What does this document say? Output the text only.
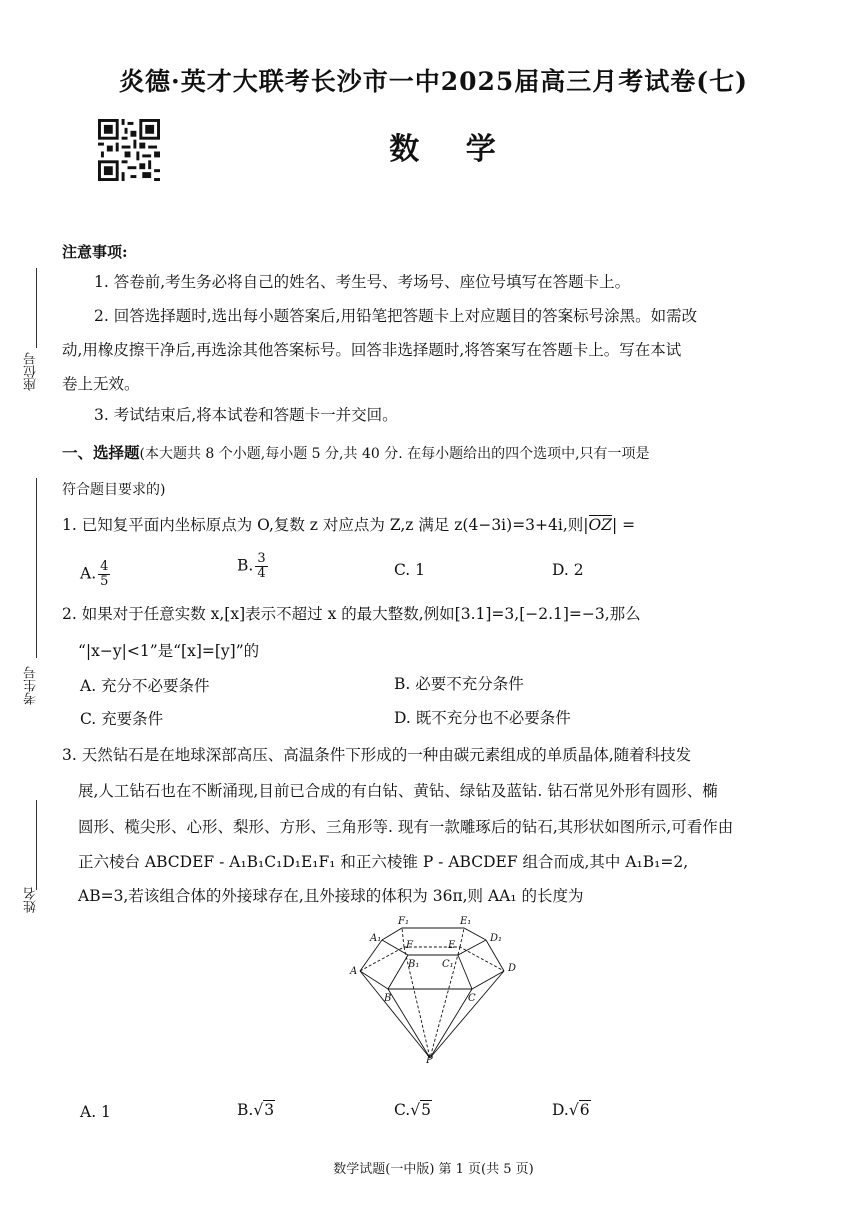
炎德·英才大联考长沙市一中2025届高三月考试卷(七)
数 学
座位号
考生号
姓名
注意事项:
1. 答卷前,考生务必将自己的姓名、考生号、考场号、座位号填写在答题卡上。
2. 回答选择题时,选出每小题答案后,用铅笔把答题卡上对应题目的答案标号涂黑。如需改
动,用橡皮擦干净后,再选涂其他答案标号。回答非选择题时,将答案写在答题卡上。写在本试
卷上无效。
3. 考试结束后,将本试卷和答题卡一并交回。
一、选择题(本大题共 8 个小题,每小题 5 分,共 40 分. 在每小题给出的四个选项中,只有一项是
符合题目要求的)
1. 已知复平面内坐标原点为 O,复数 z 对应点为 Z,z 满足 z(4−3i)=3+4i,则|OZ| =
A. $\frac{4}{5}$	B. $\frac{3}{4}$	C. 1	D. 2
2. 如果对于任意实数 x,[x]表示不超过 x 的最大整数,例如[3.1]=3,[−2.1]=−3,那么
“|x−y|<1”是“[x]=[y]”的
A. 充分不必要条件	B. 必要不充分条件
C. 充要条件	D. 既不充分也不必要条件
3. 天然钻石是在地球深部高压、高温条件下形成的一种由碳元素组成的单质晶体,随着科技发
展,人工钻石也在不断涌现,目前已合成的有白钻、黄钻、绿钻及蓝钻. 钻石常见外形有圆形、椭
圆形、榄尖形、心形、梨形、方形、三角形等. 现有一款雕琢后的钻石,其形状如图所示,可看作由
正六棱台 ABCDEF - A₁B₁C₁D₁E₁F₁ 和正六棱锥 P - ABCDEF 组合而成,其中 A₁B₁=2,
AB=3,若该组合体的外接球存在,且外接球的体积为 36π,则 AA₁ 的长度为
F₁	E₁
A₁	D₁
F	E
B₁ C₁
A	D
B	C
P
A. 1	B.√3	C.√5	D.√6
数学试题(一中版) 第 1 页(共 5 页)
